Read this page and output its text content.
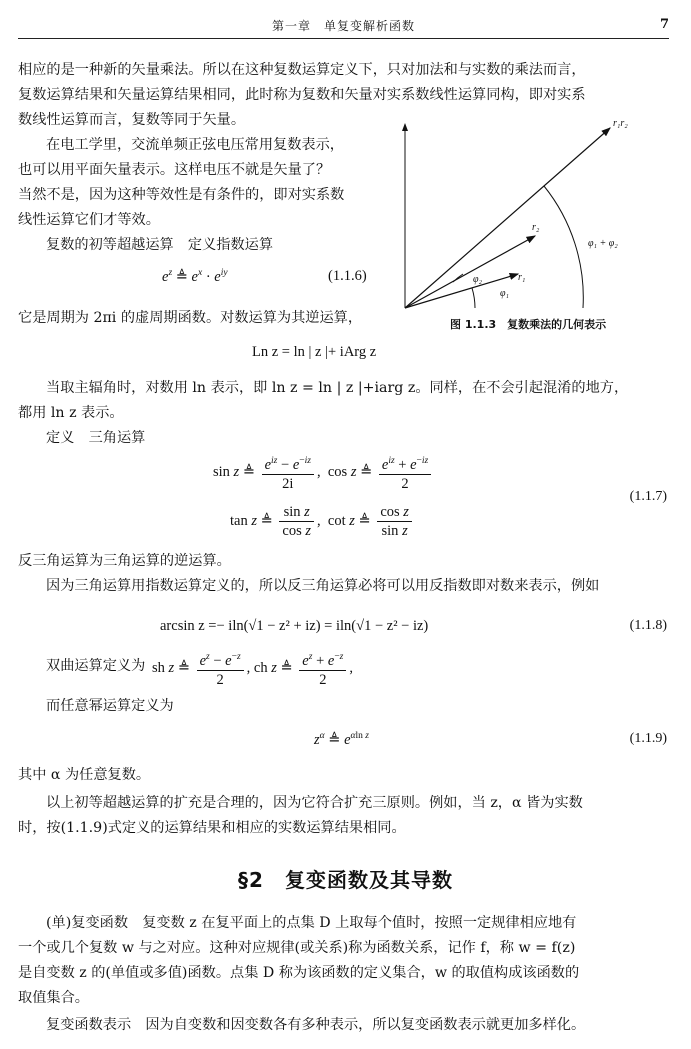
第一章　单复变解析函数	7
相应的是一种新的矢量乘法。所以在这种复数运算定义下，只对加法和与实数的乘法而言，
复数运算结果和矢量运算结果相同，此时称为复数和矢量对实系数线性运算同构，即对实系
数线性运算而言，复数等同于矢量。
在电工学里，交流单频正弦电压常用复数表示，
也可以用平面矢量表示。这样电压不就是矢量了？
当然不是，因为这种等效性是有条件的，即对实系数
线性运算它们才等效。
复数的初等超越运算　定义指数运算
$e^z$ ≜ $e^x \cdot e^{iy}$	(1.1.6)
它是周期为 2πi 的虚周期函数。对数运算为其逆运算，
r₁r₂
r₂
r₁
φ₂
φ₁
φ₁ + φ₂
图 1.1.3　复数乘法的几何表示
Ln z = ln | z |+ iArg z
当取主辐角时，对数用 ln 表示，即 ln z = ln | z |+iarg z。同样，在不会引起混淆的地方，
都用 ln z 表示。
定义　三角运算
sin z ≜ $\frac{e^{iz} - e^{-iz}}{2i}$ ,  cos z ≜ $\frac{e^{iz} + e^{-iz}}{2}$
tan z ≜ $\frac{\text{sin z}}{\text{cos z}}$ ,  cot z ≜ $\frac{\text{cos z}}{\text{sin z}}$
(1.1.7)
反三角运算为三角运算的逆运算。
因为三角运算用指数运算定义的，所以反三角运算必将可以用反指数即对数来表示，例如
arcsin z =− iln(√1 − z² + iz) = iln(√1 − z² − iz)	(1.1.8)
双曲运算定义为 sh z ≜ $\frac{e^z - e^{-z}}{2}$ , ch z ≜ $\frac{e^z + e^{-z}}{2}$ ,
而任意幂运算定义为
$z^\alpha$ ≜ $e^{\alpha ln z}$	(1.1.9)
其中 α 为任意复数。
以上初等超越运算的扩充是合理的，因为它符合扩充三原则。例如，当 z，α 皆为实数
时，按(1.1.9)式定义的运算结果和相应的实数运算结果相同。
§2　复变函数及其导数
(单)复变函数　复变数 z 在复平面上的点集 D 上取每个值时，按照一定规律相应地有
一个或几个复数 w 与之对应。这种对应规律(或关系)称为函数关系，记作 f，称 w = f(z)
是自变数 z 的(单值或多值)函数。点集 D 称为该函数的定义集合，w 的取值构成该函数的
取值集合。
复变函数表示　因为自变数和因变数各有多种表示，所以复变函数表示就更加多样化。
